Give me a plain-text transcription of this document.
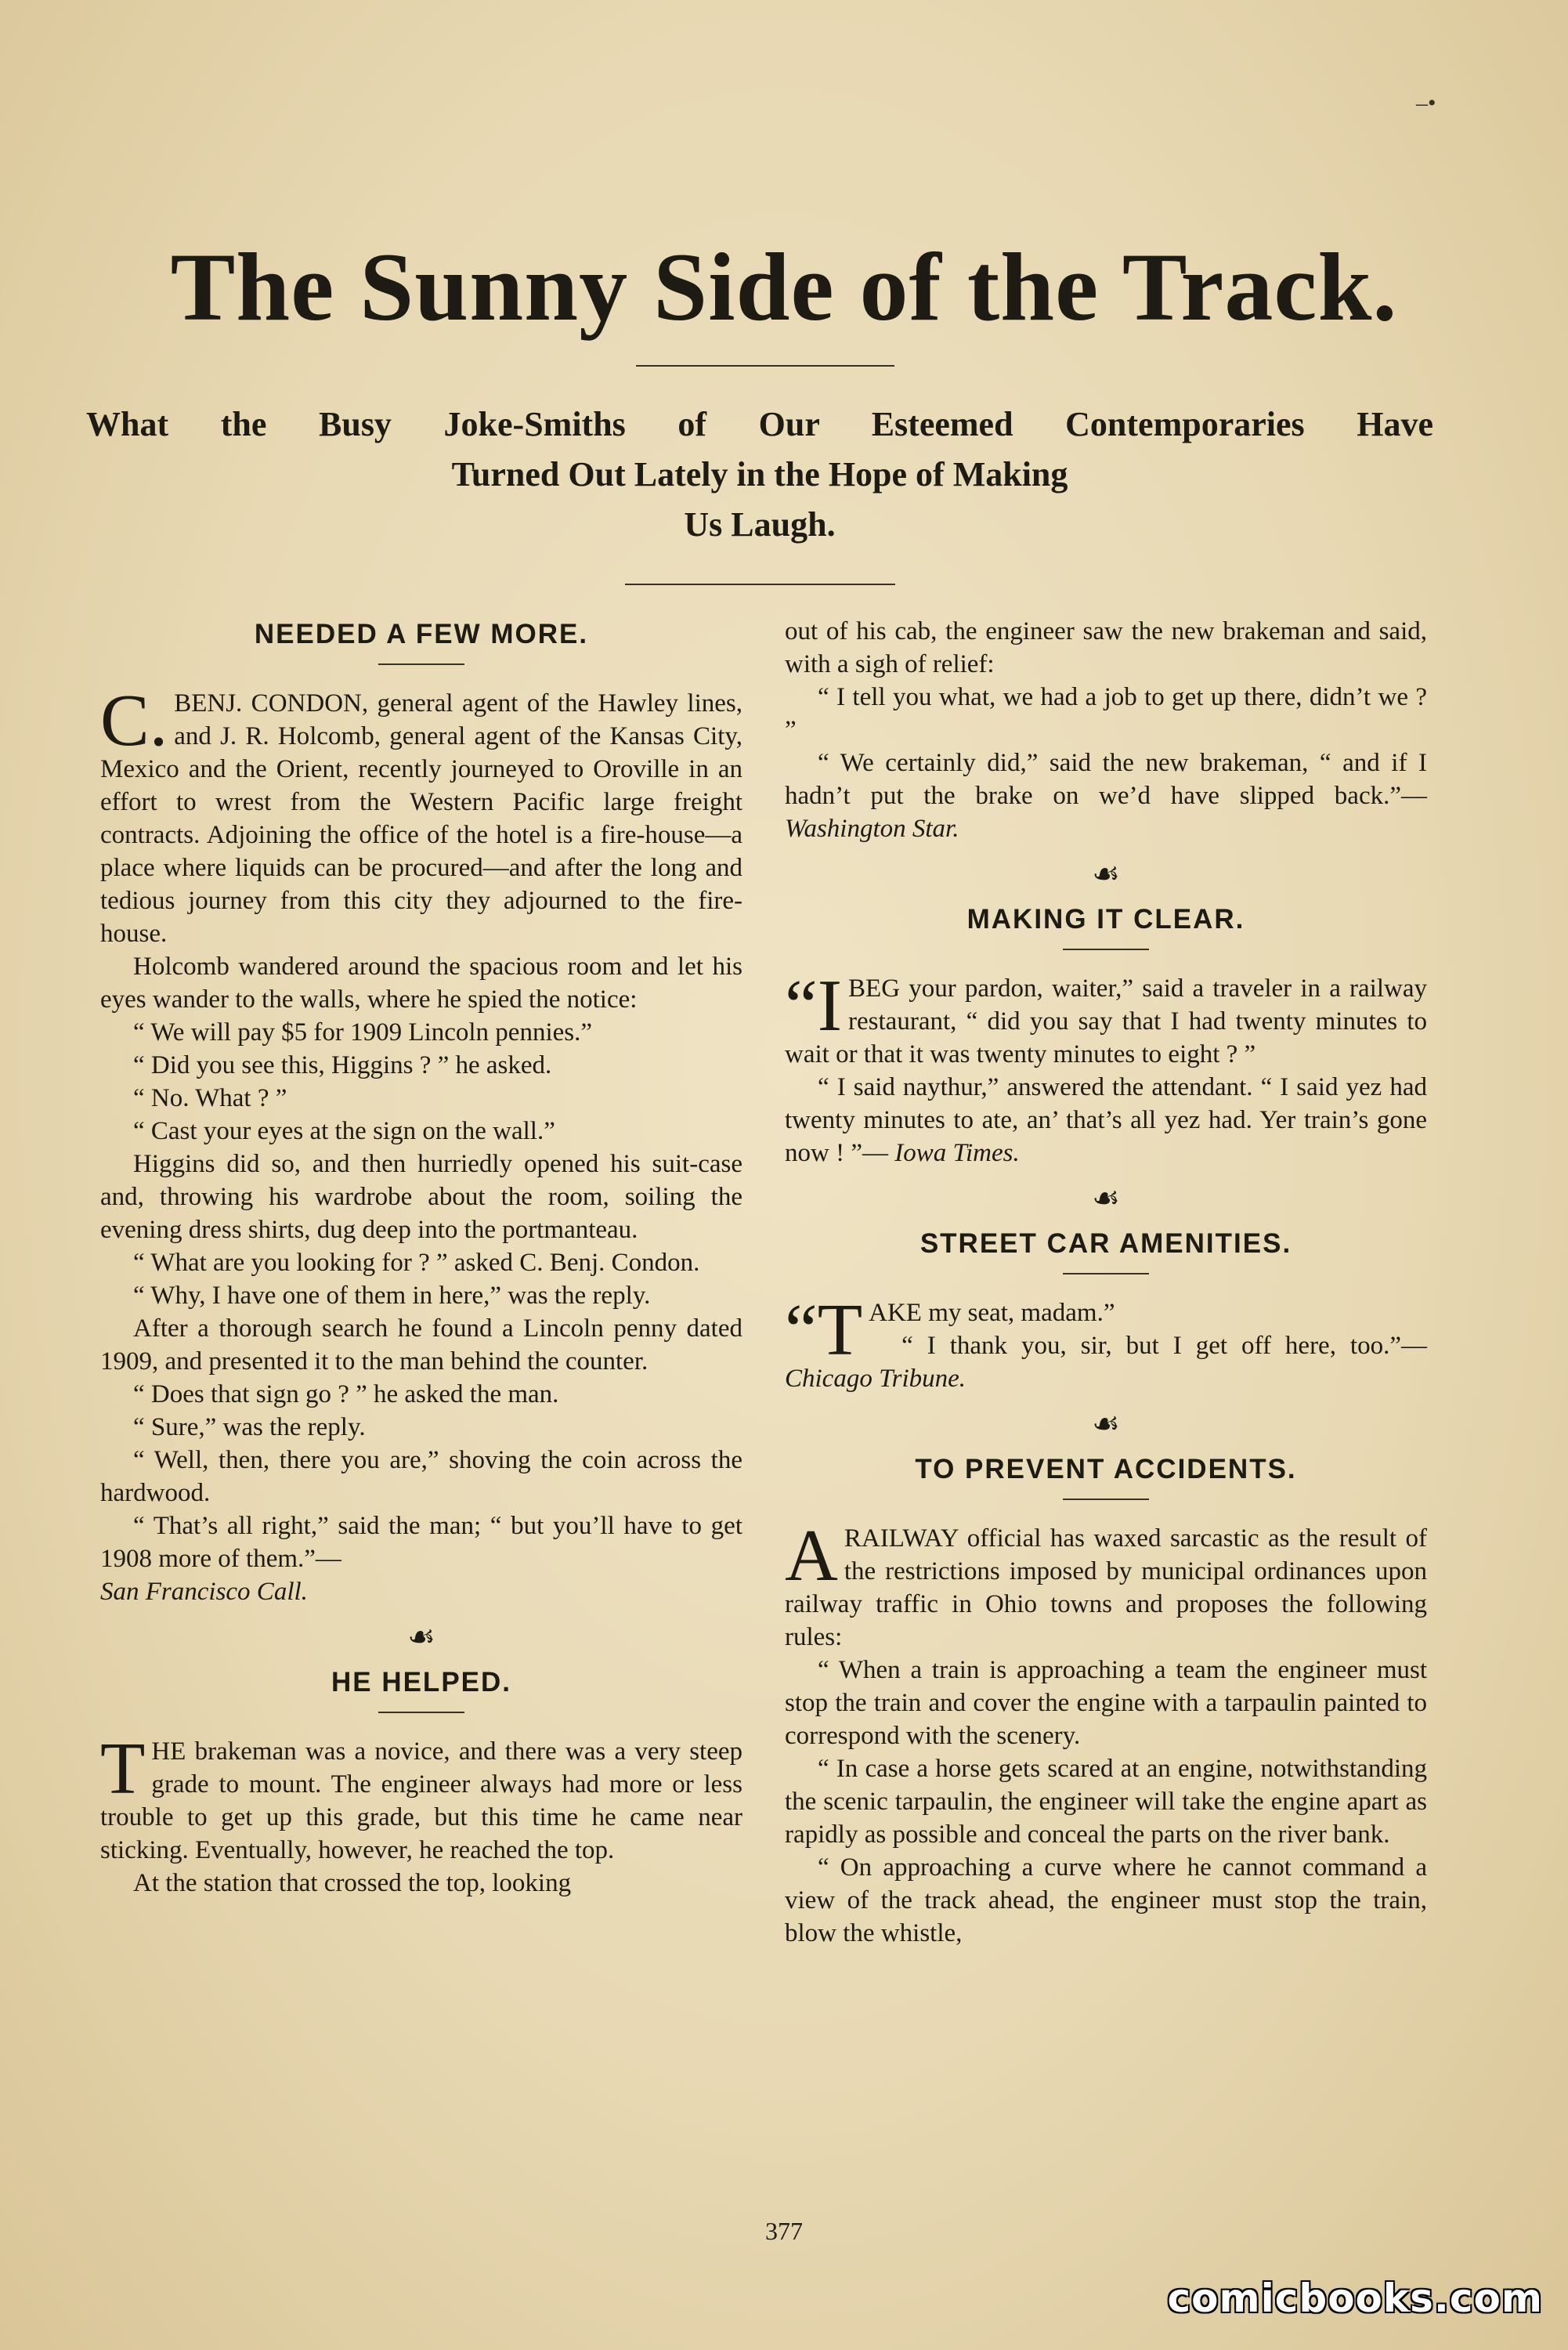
–•
The Sunny Side of the Track.
What the Busy Joke-Smiths of Our Esteemed Contemporaries Have
Turned Out Lately in the Hope of Making
Us Laugh.
NEEDED A FEW MORE.

C. BENJ. CONDON, general agent of the Hawley lines, and J. R. Holcomb, general agent of the Kansas City, Mexico and the Orient, recently journeyed to Oroville in an effort to wrest from the Western Pacific large freight contracts. Adjoining the office of the hotel is a fire-house—a place where liquids can be procured—and after the long and tedious journey from this city they adjourned to the fire-house.

Holcomb wandered around the spacious room and let his eyes wander to the walls, where he spied the notice:

“ We will pay $5 for 1909 Lincoln pennies.”

“ Did you see this, Higgins ? ” he asked.

“ No. What ? ”

“ Cast your eyes at the sign on the wall.”

Higgins did so, and then hurriedly opened his suit-case and, throwing his wardrobe about the room, soiling the evening dress shirts, dug deep into the portmanteau.

“ What are you looking for ? ” asked C. Benj. Condon.

“ Why, I have one of them in here,” was the reply.

After a thorough search he found a Lincoln penny dated 1909, and presented it to the man behind the counter.

“ Does that sign go ? ” he asked the man.

“ Sure,” was the reply.

“ Well, then, there you are,” shoving the coin across the hardwood.

“ That’s all right,” said the man; “ but you’ll have to get 1908 more of them.”—
San Francisco Call.

☙
HE HELPED.

THE brakeman was a novice, and there was a very steep grade to mount. The engineer always had more or less trouble to get up this grade, but this time he came near sticking. Eventually, however, he reached the top.

At the station that crossed the top, looking

out of his cab, the engineer saw the new brakeman and said, with a sigh of relief:

“ I tell you what, we had a job to get up there, didn’t we ? ”

“ We certainly did,” said the new brakeman, “ and if I hadn’t put the brake on we’d have slipped back.”—Washington Star.

☙
MAKING IT CLEAR.

“IBEG your pardon, waiter,” said a traveler in a railway restaurant, “ did you say that I had twenty minutes to wait or that it was twenty minutes to eight ? ”

“ I said naythur,” answered the attendant. “ I said yez had twenty minutes to ate, an’ that’s all yez had. Yer train’s gone now ! ”— Iowa Times.

☙
STREET CAR AMENITIES.

“TAKE my seat, madam.”

“ I thank you, sir, but I get off here, too.”—Chicago Tribune.

☙
TO PREVENT ACCIDENTS.

ARAILWAY official has waxed sarcastic as the result of the restrictions imposed by municipal ordinances upon railway traffic in Ohio towns and proposes the following rules:

“ When a train is approaching a team the engineer must stop the train and cover the engine with a tarpaulin painted to correspond with the scenery.

“ In case a horse gets scared at an engine, notwithstanding the scenic tarpaulin, the engineer will take the engine apart as rapidly as possible and conceal the parts on the river bank.

“ On approaching a curve where he cannot command a view of the track ahead, the engineer must stop the train, blow the whistle,

377

comicbooks.com
